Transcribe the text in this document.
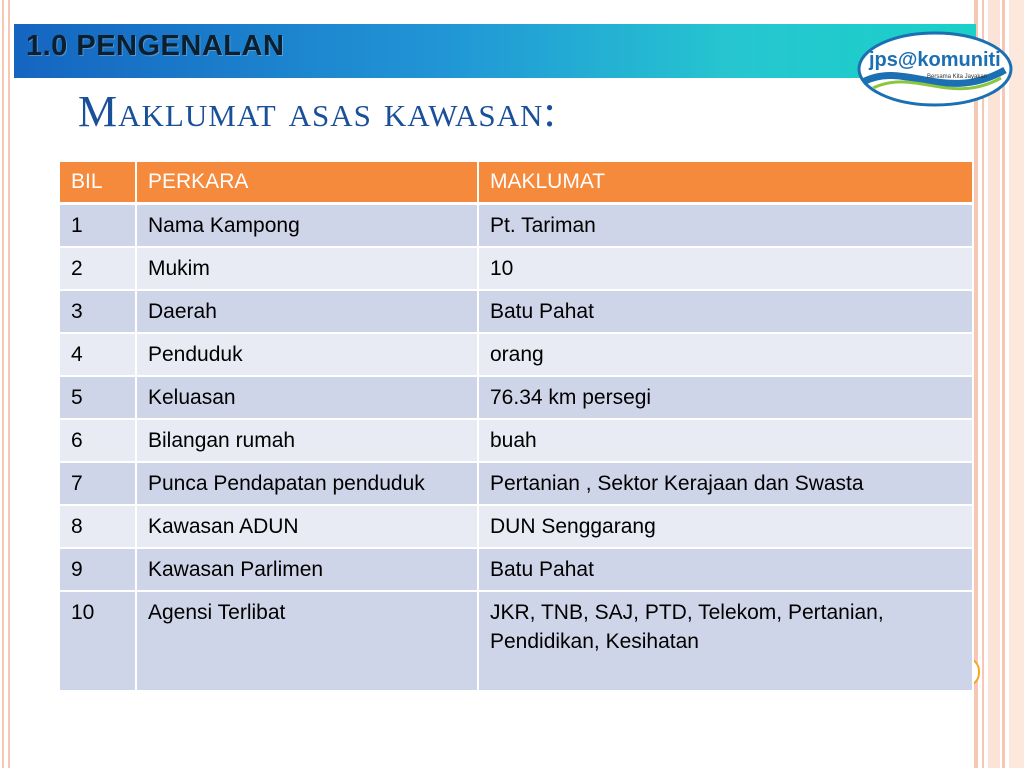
1.0 PENGENALAN	jps@komuniti
Bersama Kita Jayakan
Maklumat asas kawasan:
BIL	PERKARA	MAKLUMAT
1	Nama Kampong	Pt. Tariman
2	Mukim	10
3	Daerah	Batu Pahat
4	Penduduk	orang
5	Keluasan	76.34 km persegi
6	Bilangan rumah	buah
7	Punca Pendapatan penduduk	Pertanian , Sektor Kerajaan dan Swasta
8	Kawasan ADUN	DUN Senggarang
9	Kawasan Parlimen	Batu Pahat
10	Agensi Terlibat	JKR, TNB, SAJ, PTD, Telekom, Pertanian, Pendidikan, Kesihatan
